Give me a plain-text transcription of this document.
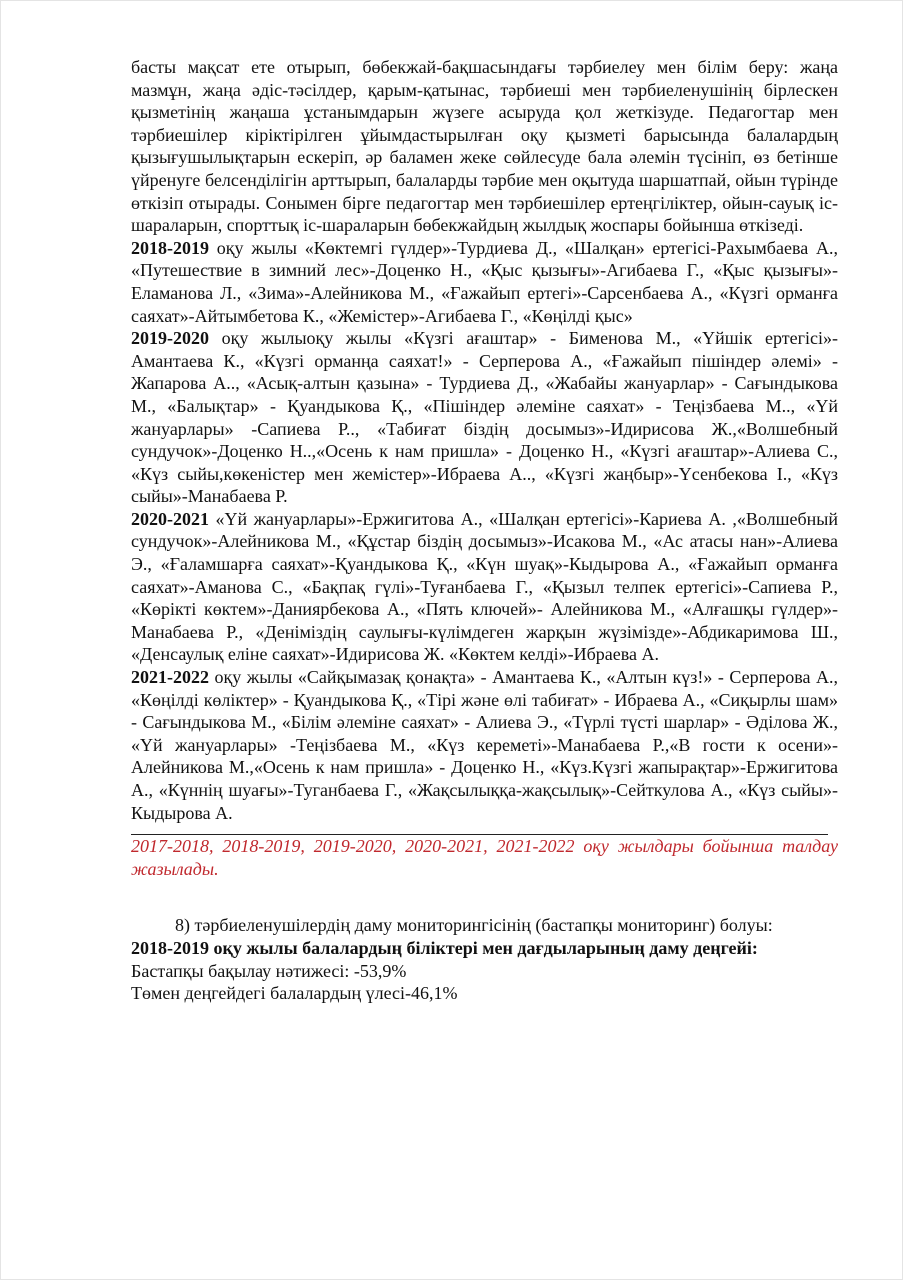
басты мақсат ете отырып, бөбекжай-бақшасындағы тәрбиелеу мен білім беру: жаңа мазмұн, жаңа әдіс-тәсілдер, қарым-қатынас, тәрбиеші мен тәрбиеленушінің бірлескен қызметінің жаңаша ұстанымдарын жүзеге асыруда қол жеткізуде. Педагогтар мен тәрбиешілер кіріктірілген ұйымдастырылған оқу қызметі барысында балалардың қызығушылықтарын ескеріп, әр баламен жеке сөйлесуде бала әлемін түсініп, өз бетінше үйренуге белсенділігін арттырып, балаларды тәрбие мен оқытуда шаршатпай, ойын түрінде өткізіп отырады. Сонымен бірге педагогтар мен тәрбиешілер ертеңгіліктер, ойын-сауық іс-шараларын, спорттық іс-шараларын бөбекжайдың жылдық жоспары бойынша өткізеді.

2018-2019 оқу жылы «Көктемгі гүлдер»-Турдиева Д., «Шалқан» ертегісі-Рахымбаева А., «Путешествие в зимний лес»-Доценко Н., «Қыс қызығы»-Агибаева Г., «Қыс қызығы»-Еламанова Л., «Зима»-Алейникова М., «Ғажайып ертегі»-Сарсенбаева А., «Күзгі орманға саяхат»-Айтымбетова К., «Жемістер»-Агибаева Г., «Көңілді қыс»

2019-2020 оқу жылыоқу жылы «Күзгі ағаштар» - Бименова М., «Үйшік ертегісі»-Амантаева К., «Күзгі орманңа саяхат!» - Серперова А., «Ғажайып пішіндер әлемі» - Жапарова А.., «Асық-алтын қазына» - Турдиева Д., «Жабайы жануарлар» - Сағындыкова М., «Балықтар» - Қуандыкова Қ., «Пішіндер әлеміне саяхат» - Теңізбаева М.., «Үй жануарлары» -Сапиева Р.., «Табиғат біздің досымыз»-Идирисова Ж.,«Волшебный сундучок»-Доценко Н..,«Осень к нам пришла» - Доценко Н., «Күзгі ағаштар»-Алиева С., «Күз сыйы,көкеністер мен жемістер»-Ибраева А.., «Күзгі жаңбыр»-Үсенбекова І., «Күз сыйы»-Манабаева Р.

2020-2021 «Үй жануарлары»-Ержигитова А., «Шалқан ертегісі»-Кариева А. ,«Волшебный сундучок»-Алейникова М., «Құстар біздің досымыз»-Исакова М., «Ас атасы нан»-Алиева Э., «Ғаламшарға саяхат»-Қуандыкова Қ., «Күн шуақ»-Кыдырова А., «Ғажайып орманға саяхат»-Аманова С., «Бақпақ гүлі»-Туғанбаева Г., «Қызыл телпек ертегісі»-Сапиева Р., «Көрікті көктем»-Даниярбекова А., «Пять ключей»- Алейникова М., «Алғашқы гүлдер»-Манабаева Р., «Деніміздің саулығы-күлімдеген жарқын жүзімізде»-Абдикаримова Ш., «Денсаулық еліне саяхат»-Идирисова Ж. «Көктем келді»-Ибраева А.

2021-2022 оқу жылы «Сайқымазақ қонақта» - Амантаева К., «Алтын күз!» - Серперова А., «Көңілді көліктер» - Қуандыкова Қ., «Тірі және өлі табиғат» - Ибраева А., «Сиқырлы шам» - Сағындыкова М., «Білім әлеміне саяхат» - Алиева Э., «Түрлі түсті шарлар» - Әділова Ж., «Үй жануарлары» -Теңізбаева М., «Күз кереметі»-Манабаева Р.,«В гости к осени»-Алейникова М.,«Осень к нам пришла» - Доценко Н., «Күз.Күзгі жапырақтар»-Ержигитова А., «Күннің шуағы»-Туганбаева Г., «Жақсылыққа-жақсылық»-Сейткулова А., «Күз сыйы»-Кыдырова А.

2017-2018, 2018-2019, 2019-2020, 2020-2021, 2021-2022 оқу жылдары бойынша талдау жазылады.

8) тәрбиеленушілердің даму мониторингісінің (бастапқы мониторинг) болуы:

2018-2019 оқу жылы балалардың біліктері мен дағдыларының даму деңгейі:

Бастапқы бақылау нәтижесі: -53,9%

Төмен деңгейдегі балалардың үлесі-46,1%
